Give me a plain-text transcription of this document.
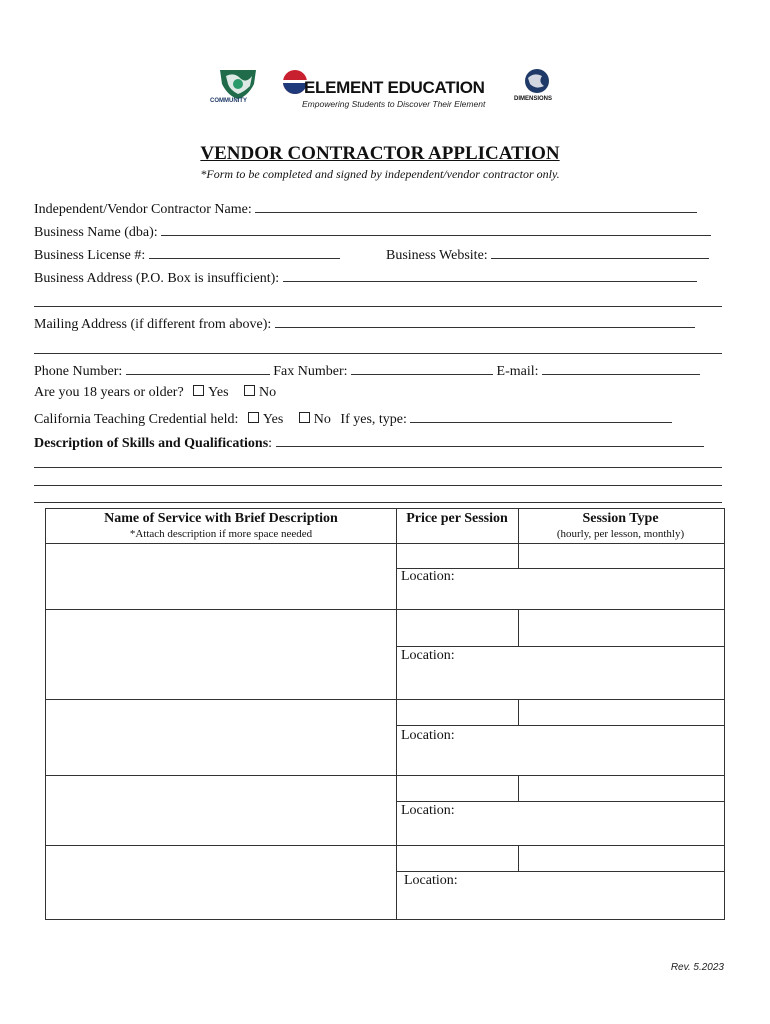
COMMUNITY
ELEMENT EDUCATION
Empowering Students to Discover Their Element	DIMENSIONS
VENDOR CONTRACTOR APPLICATION
*Form to be completed and signed by independent/vendor contractor only.
Independent/Vendor Contractor Name:
Business Name (dba):
Business License #:	Business Website:
Business Address (P.O. Box is insufficient):
Mailing Address (if different from above):
Phone Number:	Fax Number:	E-mail:
Are you 18 years or older? Yes No
California Teaching Credential held: Yes No If yes, type:
Description of Skills and Qualifications:
Name of Service with Brief Description
*Attach description if more space needed
Price per Session	Session Type
(hourly, per lesson, monthly)
Location:
Location:
Location:
Location:
Location:
Rev. 5.2023
